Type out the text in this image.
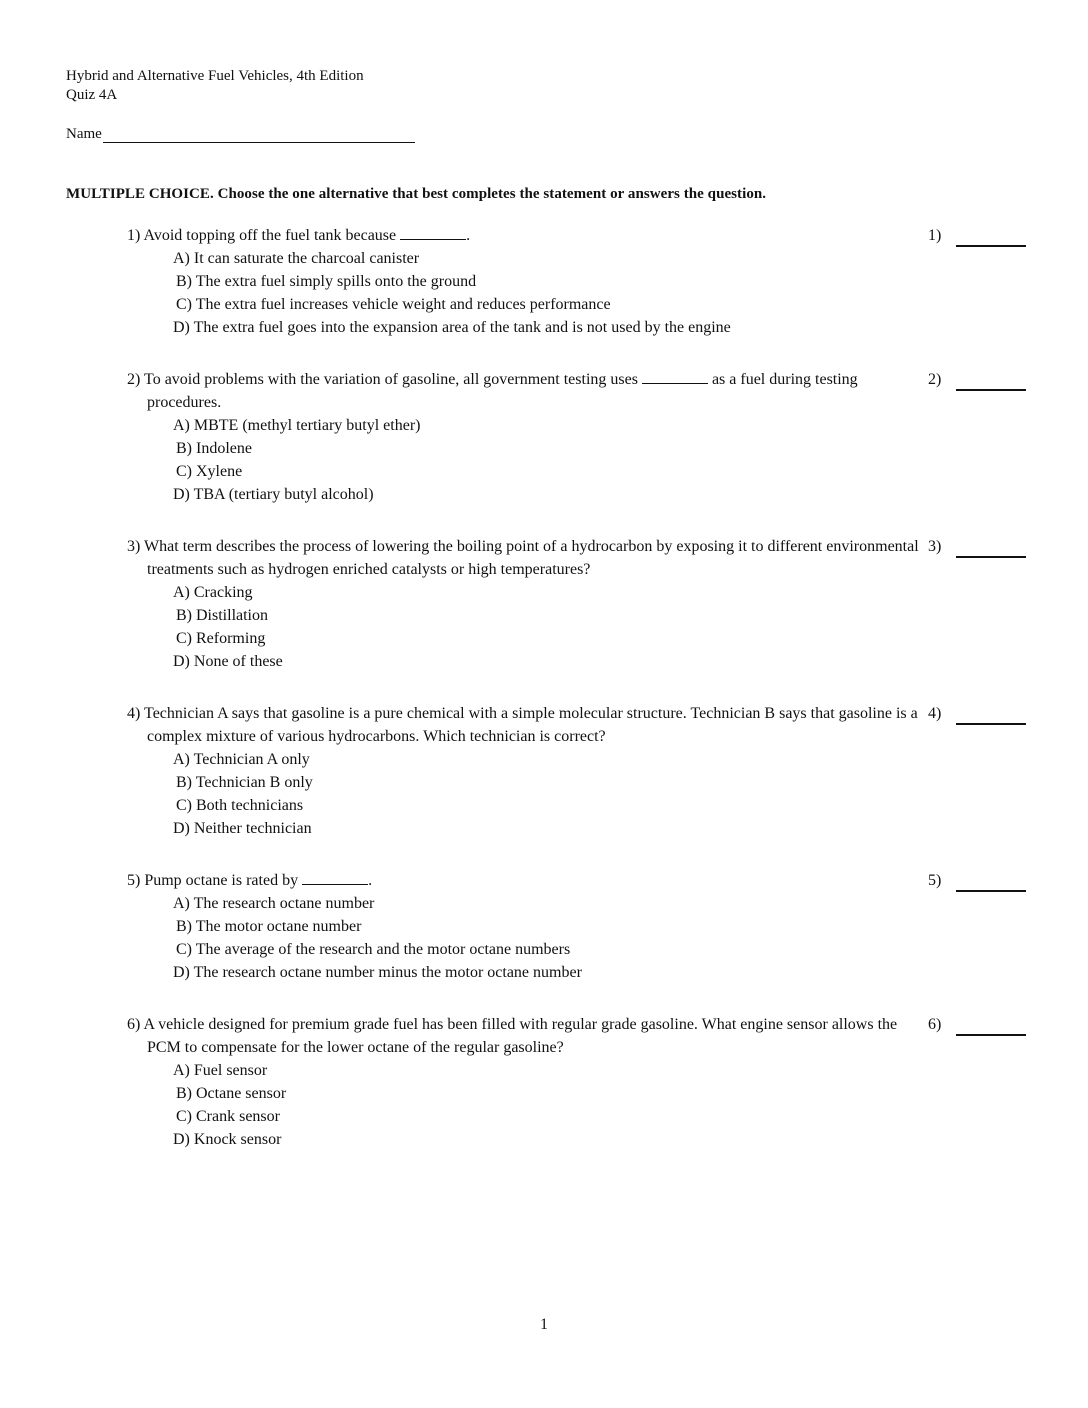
Hybrid and Alternative Fuel Vehicles, 4th Edition
Quiz 4A
Name
MULTIPLE CHOICE. Choose the one alternative that best completes the statement or answers the question.
1) Avoid topping off the fuel tank because	.
A) It can saturate the charcoal canister
B) The extra fuel simply spills onto the ground
C) The extra fuel increases vehicle weight and reduces performance
D) The extra fuel goes into the expansion area of the tank and is not used by the engine
1)
2) To avoid problems with the variation of gasoline, all government testing uses	as a fuel during testing procedures.
A) MBTE (methyl tertiary butyl ether)
B) Indolene
C) Xylene
D) TBA (tertiary butyl alcohol)
2)
3) What term describes the process of lowering the boiling point of a hydrocarbon by exposing it to different environmental treatments such as hydrogen enriched catalysts or high temperatures?
A) Cracking
B) Distillation
C) Reforming
D) None of these
3)
4) Technician A says that gasoline is a pure chemical with a simple molecular structure. Technician B says that gasoline is a complex mixture of various hydrocarbons. Which technician is correct?
A) Technician A only
B) Technician B only
C) Both technicians
D) Neither technician
4)
5) Pump octane is rated by	.
A) The research octane number
B) The motor octane number
C) The average of the research and the motor octane numbers
D) The research octane number minus the motor octane number
5)
6) A vehicle designed for premium grade fuel has been filled with regular grade gasoline. What engine sensor allows the PCM to compensate for the lower octane of the regular gasoline?
A) Fuel sensor
B) Octane sensor
C) Crank sensor
D) Knock sensor
6)
1
